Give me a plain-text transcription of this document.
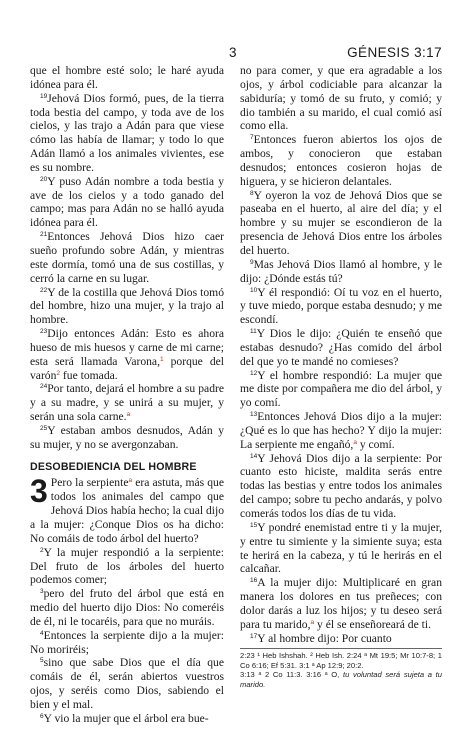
3	GÉNESIS 3:17

que el hombre esté solo; le haré ayuda idónea para él.

$^{19}$Jehová Dios formó, pues, de la tierra toda bestia del campo, y toda ave de los cielos, y las trajo a Adán para que viese cómo las había de llamar; y todo lo que Adán llamó a los animales vivientes, ese es su nombre.

$^{20}$Y puso Adán nombre a toda bestia y ave de los cielos y a todo ganado del campo; mas para Adán no se halló ayuda idónea para él.

$^{21}$Entonces Jehová Dios hizo caer sueño profundo sobre Adán, y mientras este dormía, tomó una de sus costillas, y cerró la carne en su lugar.

$^{22}$Y de la costilla que Jehová Dios tomó del hombre, hizo una mujer, y la trajo al hombre.

$^{23}$Dijo entonces Adán: Esto es ahora hueso de mis huesos y carne de mi carne; esta será llamada Varona,$^1$ porque del varón$^2$ fue tomada.

$^{24}$Por tanto, dejará el hombre a su padre y a su madre, y se unirá a su mujer, y serán una sola carne.$^a$

$^{25}$Y estaban ambos desnudos, Adán y su mujer, y no se avergonzaban.

DESOBEDIENCIA DEL HOMBRE

3 Pero la serpiente$^a$ era astuta, más que todos los animales del campo que Jehová Dios había hecho; la cual dijo a la mujer: ¿Conque Dios os ha dicho: No comáis de todo árbol del huerto?

$^2$Y la mujer respondió a la serpiente: Del fruto de los árboles del huerto podemos comer;

$^3$pero del fruto del árbol que está en medio del huerto dijo Dios: No comeréis de él, ni le tocaréis, para que no muráis.

$^4$Entonces la serpiente dijo a la mujer: No moriréis;

$^5$sino que sabe Dios que el día que comáis de él, serán abiertos vuestros ojos, y seréis como Dios, sabiendo el bien y el mal.

$^6$Y vio la mujer que el árbol era bue-

no para comer, y que era agradable a los ojos, y árbol codiciable para alcanzar la sabiduría; y tomó de su fruto, y comió; y dio también a su marido, el cual comió así como ella.

$^7$Entonces fueron abiertos los ojos de ambos, y conocieron que estaban desnudos; entonces cosieron hojas de higuera, y se hicieron delantales.

$^8$Y oyeron la voz de Jehová Dios que se paseaba en el huerto, al aire del día; y el hombre y su mujer se escondieron de la presencia de Jehová Dios entre los árboles del huerto.

$^9$Mas Jehová Dios llamó al hombre, y le dijo: ¿Dónde estás tú?

$^{10}$Y él respondió: Oí tu voz en el huerto, y tuve miedo, porque estaba desnudo; y me escondí.

$^{11}$Y Dios le dijo: ¿Quién te enseñó que estabas desnudo? ¿Has comido del árbol del que yo te mandé no comieses?

$^{12}$Y el hombre respondió: La mujer que me diste por compañera me dio del árbol, y yo comí.

$^{13}$Entonces Jehová Dios dijo a la mujer: ¿Qué es lo que has hecho? Y dijo la mujer: La serpiente me engañó,$^a$ y comí.

$^{14}$Y Jehová Dios dijo a la serpiente: Por cuanto esto hiciste, maldita serás entre todas las bestias y entre todos los animales del campo; sobre tu pecho andarás, y polvo comerás todos los días de tu vida.

$^{15}$Y pondré enemistad entre ti y la mujer, y entre tu simiente y la simiente suya; esta te herirá en la cabeza, y tú le herirás en el calcañar.

$^{16}$A la mujer dijo: Multiplicaré en gran manera los dolores en tus preñeces; con dolor darás a luz los hijos; y tu deseo será para tu marido,$^a$ y él se enseñoreará de ti.

$^{17}$Y al hombre dijo: Por cuanto

2:23 ¹ Heb Ishshah. ² Heb Ish. 2:24 ᵃ Mt 19:5; Mr 10:7-8; 1 Co 6:16; Ef 5:31. 3:1 ᵃ Ap 12:9; 20:2.

3:13 ᵃ 2 Co 11:3. 3:16 ᵃ O, tu voluntad será sujeta a tu marido.
